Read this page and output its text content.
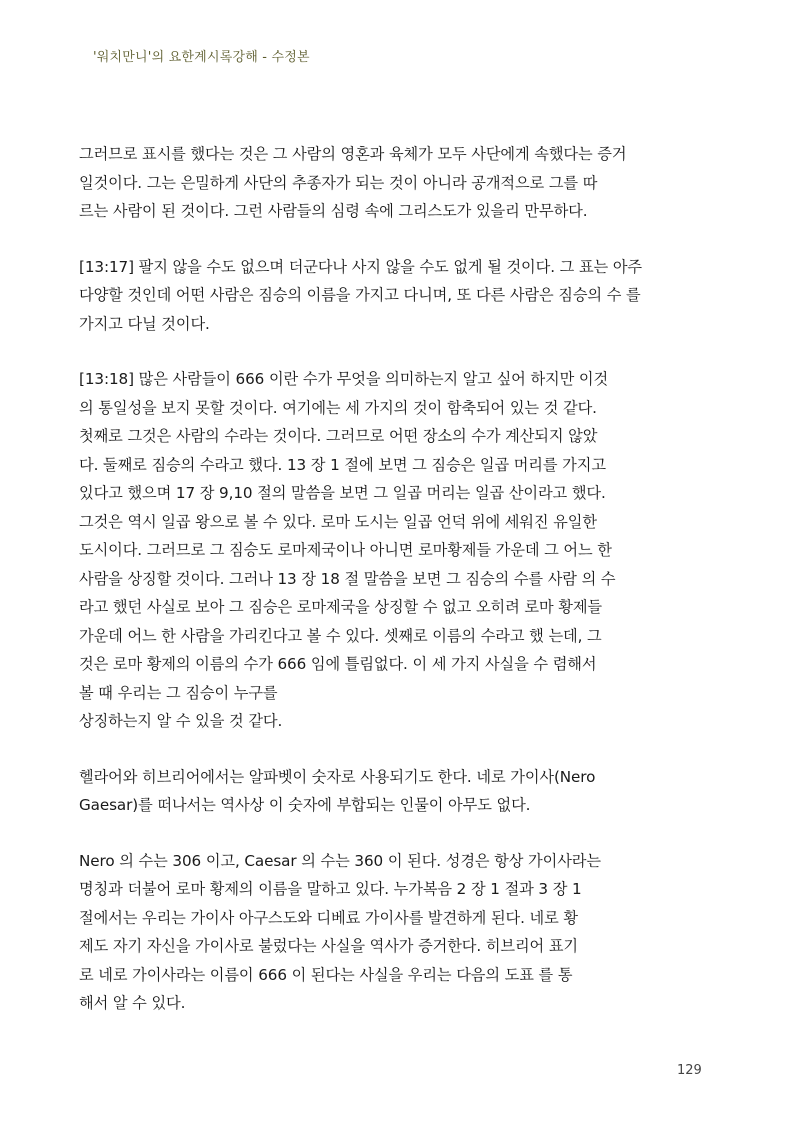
'워치만니'의 요한계시록강해 - 수정본
그러므로 표시를 했다는 것은 그 사람의 영혼과 육체가 모두 사단에게 속했다는 증거
일것이다. 그는 은밀하게 사단의 추종자가 되는 것이 아니라 공개적으로 그를 따
르는 사람이 된 것이다. 그런 사람들의 심령 속에 그리스도가 있을리 만무하다.
[13:17] 팔지 않을 수도 없으며 더군다나 사지 않을 수도 없게 될 것이다. 그 표는 아주
다양할 것인데 어떤 사람은 짐승의 이름을 가지고 다니며, 또 다른 사람은 짐승의 수 를
가지고 다닐 것이다.
[13:18] 많은 사람들이 666 이란 수가 무엇을 의미하는지 알고 싶어 하지만 이것
의 통일성을 보지 못할 것이다. 여기에는 세 가지의 것이 함축되어 있는 것 같다.
첫째로 그것은 사람의 수라는 것이다. 그러므로 어떤 장소의 수가 계산되지 않았
다. 둘째로 짐승의 수라고 했다. 13 장 1 절에 보면 그 짐승은 일곱 머리를 가지고
있다고 했으며 17 장 9,10 절의 말씀을 보면 그 일곱 머리는 일곱 산이라고 했다.
그것은 역시 일곱 왕으로 볼 수 있다. 로마 도시는 일곱 언덕 위에 세워진 유일한
도시이다. 그러므로 그 짐승도 로마제국이나 아니면 로마황제들 가운데 그 어느 한
사람을 상징할 것이다. 그러나 13 장 18 절 말씀을 보면 그 짐승의 수를 사람 의 수
라고 했던 사실로 보아 그 짐승은 로마제국을 상징할 수 없고 오히려 로마 황제들
가운데 어느 한 사람을 가리킨다고 볼 수 있다. 셋째로 이름의 수라고 했 는데, 그
것은 로마 황제의 이름의 수가 666 임에 틀림없다. 이 세 가지 사실을 수 렴해서
볼 때 우리는 그 짐승이 누구를
상징하는지 알 수 있을 것 같다.
헬라어와 히브리어에서는 알파벳이 숫자로 사용되기도 한다. 네로 가이사(Nero
Gaesar)를 떠나서는 역사상 이 숫자에 부합되는 인물이 아무도 없다.
Nero 의 수는 306 이고, Caesar 의 수는 360 이 된다. 성경은 항상 가이사라는
명칭과 더불어 로마 황제의 이름을 말하고 있다. 누가복음 2 장 1 절과 3 장 1
절에서는 우리는 가이사 아구스도와 디베료 가이사를 발견하게 된다. 네로 황
제도 자기 자신을 가이사로 불렀다는 사실을 역사가 증거한다. 히브리어 표기
로 네로 가이사라는 이름이 666 이 된다는 사실을 우리는 다음의 도표 를 통
해서 알 수 있다.
129
